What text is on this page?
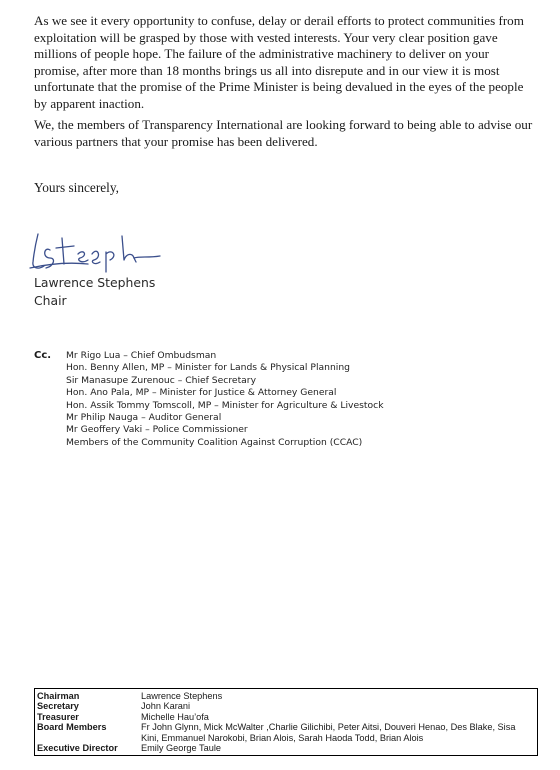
As we see it every opportunity to confuse, delay or derail efforts to protect communities from exploitation will be grasped by those with vested interests. Your very clear position gave millions of people hope. The failure of the administrative machinery to deliver on your promise, after more than 18 months brings us all into disrepute and in our view it is most unfortunate that the promise of the Prime Minister is being devalued in the eyes of the people by apparent inaction.

We, the members of Transparency International are looking forward to being able to advise our various partners that your promise has been delivered.

Yours sincerely,
Lawrence Stephens
Chair
Cc. Mr Rigo Lua – Chief Ombudsman
Hon. Benny Allen, MP – Minister for Lands & Physical Planning
Sir Manasupe Zurenouc – Chief Secretary
Hon. Ano Pala, MP – Minister for Justice & Attorney General
Hon. Assik Tommy Tomscoll, MP – Minister for Agriculture & Livestock
Mr Philip Nauga – Auditor General
Mr Geoffery Vaki – Police Commissioner
Members of the Community Coalition Against Corruption (CCAC)
Chairman	Lawrence Stephens
Secretary	John Karani
Treasurer	Michelle Hau’ofa
Board Members	Fr John Glynn, Mick McWalter ,Charlie Gilichibi, Peter Aitsi, Douveri Henao, Des Blake, Sisa Kini, Emmanuel Narokobi, Brian Alois, Sarah Haoda Todd, Brian Alois
Executive Director	Emily George Taule
